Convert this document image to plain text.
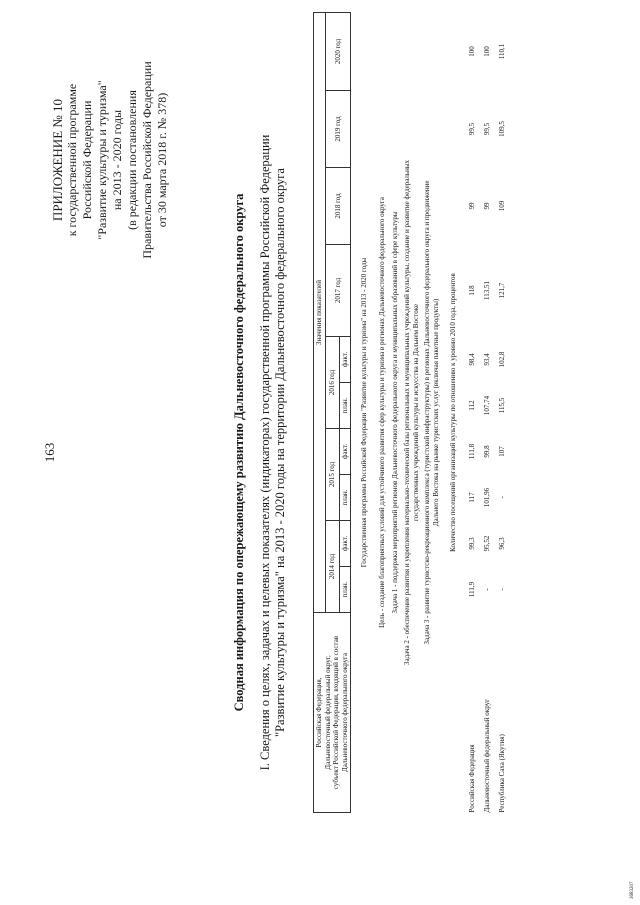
163
ПРИЛОЖЕНИЕ № 10 к государственной программе Российской Федерации "Развитие культуры и туризма" на 2013 - 2020 годы (в редакции постановления Правительства Российской Федерации от 30 марта 2018 г. № 378)
Сводная информация по опережающему развитию Дальневосточного федерального округа I. Сведения о целях, задачах и целевых показателях (индикаторах) государственной программы Российской Федерации "Развитие культуры и туризма" на 2013 - 2020 годы на территории Дальневосточного федерального округа	Российская Федерация, Дальневосточный федеральный округ, субъект Российской Федерации, входящий в состав Дальневосточного федерального округа	Значения показателей									
	2014 год		2015 год		2016 год		2017 год	2018 год	2019 год	2020 год
	план.	факт.	план.	факт.	план.	факт.				
Государственная программа Российской Федерации "Развитие культуры и туризма" на 2013 - 2020 годы										
Цель - создание благоприятных условий для устойчивого развития сфер культуры и туризма в регионах Дальневосточного федерального округа										
Задача 1 - поддержка мероприятий регионов Дальневосточного федерального округа и муниципальных образований в сфере культуры										

Задача 2 - обеспечение развития и укрепления материально-технической базы региональных и муниципальных учреждений культуры, создание и развитие федеральных государственных учреждений культуры и искусства на Дальнем Востоке										

Задача 3 - развитие туристско-рекреационного комплекса (туристской инфраструктуры) в регионах Дальневосточного федерального округа и продвижение Дальнего Востока на рынке туристских услуг (включая пакетные продукты)										

Количество посещений организаций культуры по отношению к уровню 2010 года, процентов										
Российская Федерация	111,9	99,3	117	111,8	112	98,4	118	99	99,5	100
Дальневосточный федеральный округ	-	95,52	101,96	99,8	107,74	93,4	113,51	99	99,5	100
Республика Саха (Якутия)	-	96,3	-	107	115,5	102,8	121,7	109	109,5	110,1
3683207
